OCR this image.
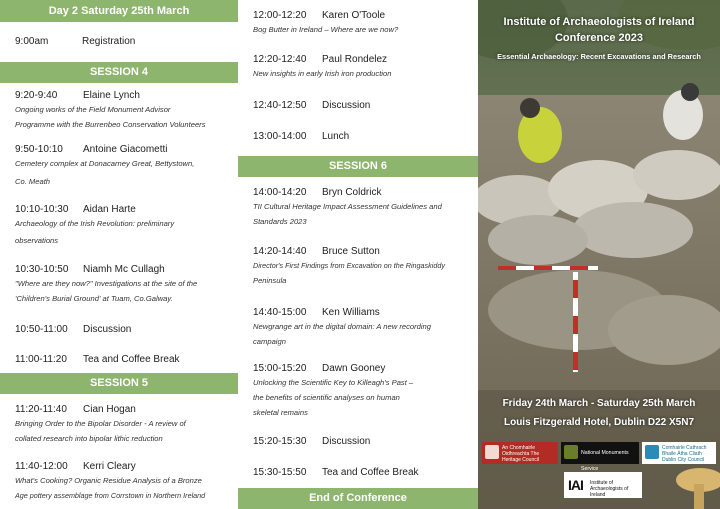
Day 2 Saturday 25th March
9:00am	Registration
SESSION 4
9:20-9:40	Elaine Lynch
Ongoing works of the Field Monument Advisor
Programme with the Burrenbeo Conservation Volunteers
9:50-10:10 Antoine Giacometti
Cemetery complex at Donacarney Great, Bettystown,
Co. Meath
10:10-10:30 Aidan Harte
Archaeology of the Irish Revolution: preliminary
observations
10:30-10:50 Niamh Mc Cullagh
"Where are they now?" Investigations at the site of the
'Children's Burial Ground' at Tuam, Co.Galway.
10:50-11:00 Discussion
11:00-11:20 Tea and Coffee Break
SESSION 5
11:20-11:40 Cian Hogan
Bringing Order to the Bipolar Disorder - A review of
collated research into bipolar lithic reduction
11:40-12:00 Kerri Cleary
What's Cooking? Organic Residue Analysis of a Bronze
Age pottery assemblage from Corrstown in Northern Ireland
12:00-12:20 Karen O'Toole
Bog Butter in Ireland – Where are we now?
12:20-12:40 Paul Rondelez
New insights in early Irish iron production
12:40-12:50 Discussion
13:00-14:00 Lunch
SESSION 6
14:00-14:20 Bryn Coldrick
TII Cultural Heritage Impact Assessment Guidelines and
Standards 2023
14:20-14:40 Bruce Sutton
Director's First Findings from Excavation on the Ringaskiddy
Peninsula
14:40-15:00 Ken Williams
Newgrange art in the digital domain: A new recording
campaign
15:00-15:20 Dawn Gooney
Unlocking the Scientific Key to Killeagh's Past –
the benefits of scientific analyses on human
skeletal remains
15:20-15:30 Discussion
15:30-15:50 Tea and Coffee Break
End of Conference
Institute of Archaeologists of Ireland
Conference 2023
Essential Archaeology: Recent Excavations and Research
Friday 24th March - Saturday 25th March
Louis Fitzgerald Hotel, Dublin D22 X5N7
An Chomhairle Oidhreachta The Heritage Council
National Monuments Service
Comhairle Cathrach Bhaile Átha Cliath Dublin City Council
IAI Institute of Archaeologists of Ireland
